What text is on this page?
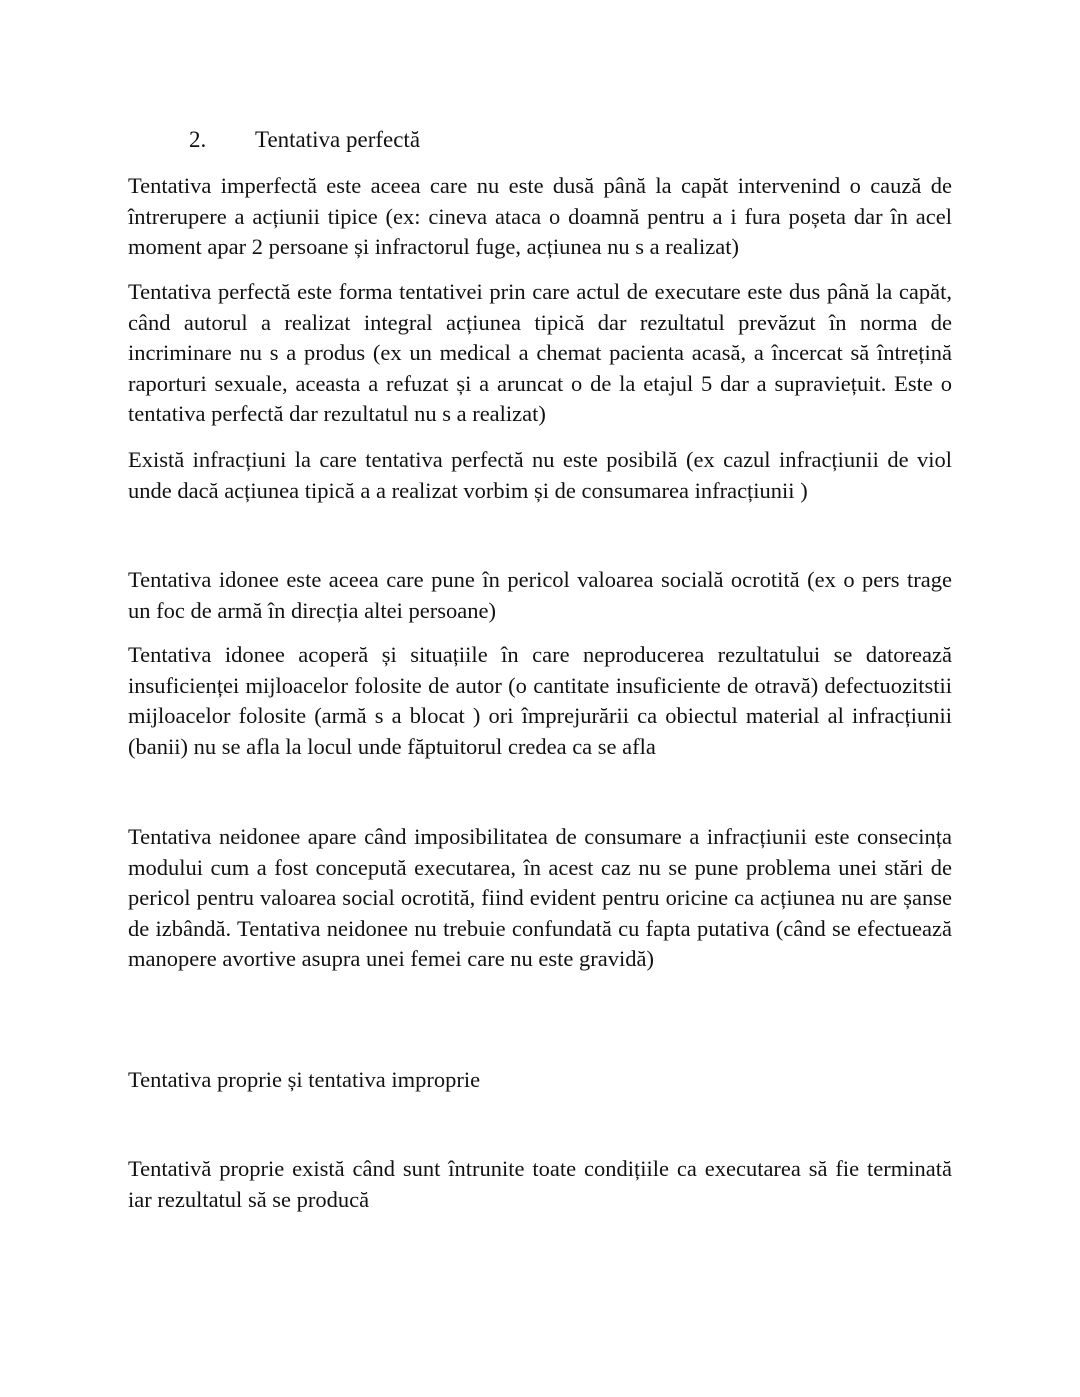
2. Tentativa perfectă

Tentativa imperfectă este aceea care nu este dusă până la capăt intervenind o cauză de întrerupere a acțiunii tipice (ex: cineva ataca o doamnă pentru a i fura poșeta dar în acel moment apar 2 persoane și infractorul fuge, acțiunea nu s a realizat)

Tentativa perfectă este forma tentativei prin care actul de executare este dus până la capăt, când autorul a realizat integral acțiunea tipică dar rezultatul prevăzut în norma de incriminare nu s a produs (ex un medical a chemat pacienta acasă, a încercat să întrețină raporturi sexuale, aceasta a refuzat și a aruncat o de la etajul 5 dar a supraviețuit. Este o tentativa perfectă dar rezultatul nu s a realizat)

Există infracțiuni la care tentativa perfectă nu este posibilă (ex cazul infracțiunii de viol unde dacă acțiunea tipică a a realizat vorbim și de consumarea infracțiunii )

Tentativa idonee este aceea care pune în pericol valoarea socială ocrotită (ex o pers trage un foc de armă în direcția altei persoane)

Tentativa idonee acoperă și situațiile în care neproducerea rezultatului se datorează insuficienței mijloacelor folosite de autor (o cantitate insuficiente de otravă) defectuozitstii mijloacelor folosite (armă s a blocat ) ori împrejurării ca obiectul material al infracțiunii (banii) nu se afla la locul unde făptuitorul credea ca se afla

Tentativa neidonee apare când imposibilitatea de consumare a infracțiunii este consecința modului cum a fost concepută executarea, în acest caz nu se pune problema unei stări de pericol pentru valoarea social ocrotită, fiind evident pentru oricine ca acțiunea nu are șanse de izbândă. Tentativa neidonee nu trebuie confundată cu fapta putativa (când se efectuează manopere avortive asupra unei femei care nu este gravidă)

Tentativa proprie și tentativa improprie

Tentativă proprie există când sunt întrunite toate condițiile ca executarea să fie terminată iar rezultatul să se producă
